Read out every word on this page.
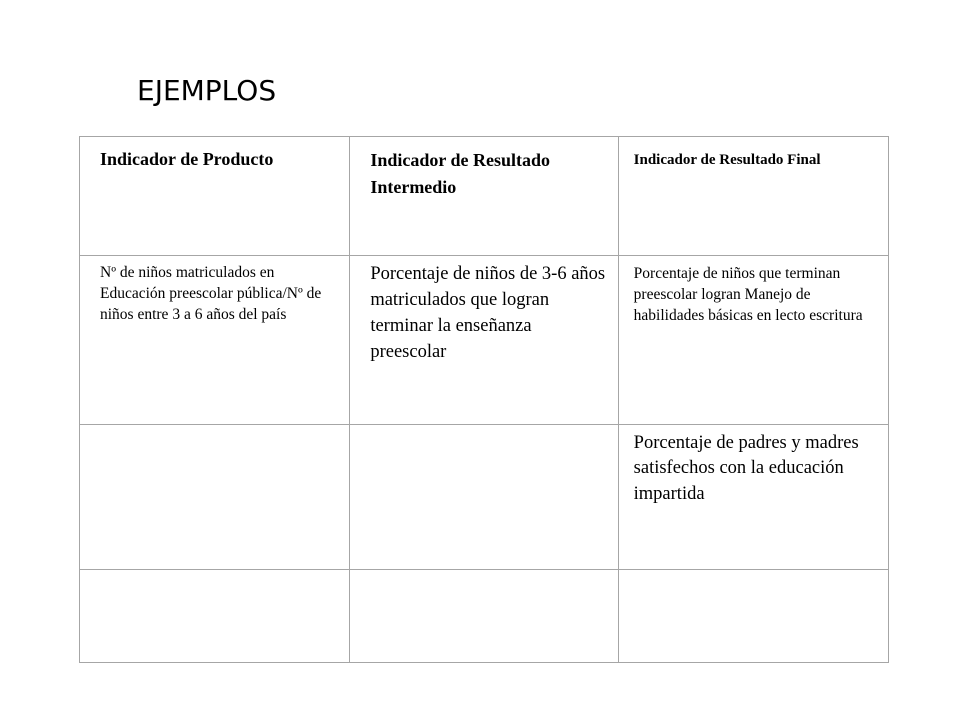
EJEMPLOS
Indicador de Producto	Indicador de Resultado Intermedio	Indicador de Resultado Final

Nº de niños matriculados en Educación preescolar pública/Nº de niños entre 3 a 6 años del país	Porcentaje de niños de 3-6 años matriculados que logran terminar la enseñanza preescolar	Porcentaje de niños que terminan preescolar logran Manejo de habilidades básicas en lecto escritura

		Porcentaje de padres y madres satisfechos con la educación impartida
